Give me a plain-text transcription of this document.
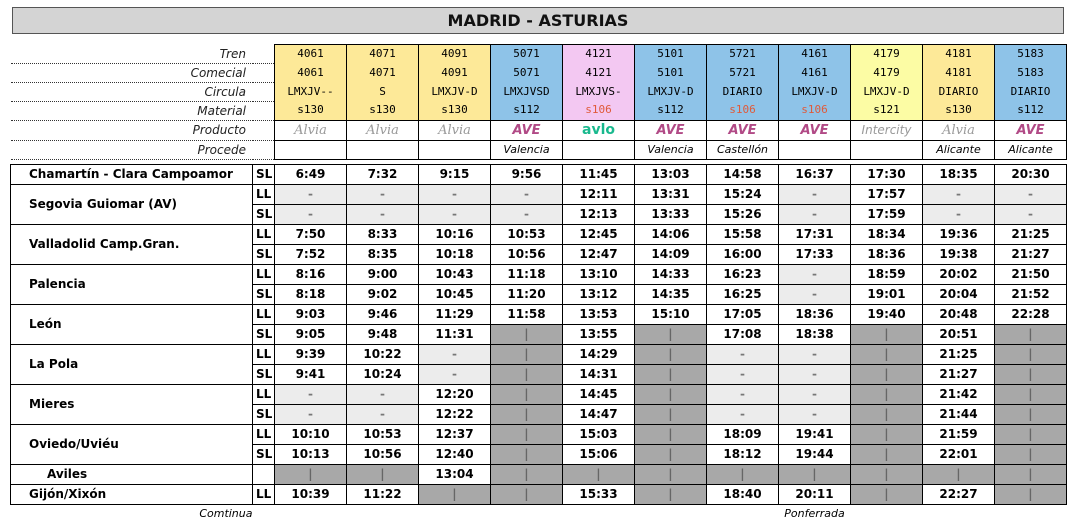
MADRID - ASTURIAS
Tren		4061	4071	4091	5071	4121	5101	5721	4161	4179	4181	5183
Comecial		4061	4071	4091	5071	4121	5101	5721	4161	4179	4181	5183
Circula		LMXJV--	S	LMXJV-D	LMXJVSD	LMXJVS-	LMXJV-D	DIARIO	LMXJV-D	LMXJV-D	DIARIO	DIARIO
Material		s130	s130	s130	s112	s106	s112	s106	s106	s121	s130	s112
Producto		Alvia	Alvia	Alvia	AVE	avlo	AVE	AVE	AVE	Intercity	Alvia	AVE
Procede					Valencia		Valencia	Castellón			Alicante	Alicante

Chamartín - Clara Campoamor	SL	6:49	7:32	9:15	9:56	11:45	13:03	14:58	16:37	17:30	18:35	20:30
Segovia Guiomar (AV)	LL	-	-	-	-	12:11	13:31	15:24	-	17:57	-	-
	SL	-	-	-	-	12:13	13:33	15:26	-	17:59	-	-
Valladolid Camp.Gran.	LL	7:50	8:33	10:16	10:53	12:45	14:06	15:58	17:31	18:34	19:36	21:25
	SL	7:52	8:35	10:18	10:56	12:47	14:09	16:00	17:33	18:36	19:38	21:27
Palencia	LL	8:16	9:00	10:43	11:18	13:10	14:33	16:23	-	18:59	20:02	21:50
	SL	8:18	9:02	10:45	11:20	13:12	14:35	16:25	-	19:01	20:04	21:52
León	LL	9:03	9:46	11:29	11:58	13:53	15:10	17:05	18:36	19:40	20:48	22:28
	SL	9:05	9:48	11:31	|	13:55	|	17:08	18:38	|	20:51	|
La Pola	LL	9:39	10:22	-	|	14:29	|	-	-	|	21:25	|
	SL	9:41	10:24	-	|	14:31	|	-	-	|	21:27	|
Mieres	LL	-	-	12:20	|	14:45	|	-	-	|	21:42	|
	SL	-	-	12:22	|	14:47	|	-	-	|	21:44	|
Oviedo/Uviéu	LL	10:10	10:53	12:37	|	15:03	|	18:09	19:41	|	21:59	|
	SL	10:13	10:56	12:40	|	15:06	|	18:12	19:44	|	22:01	|
Aviles		|	|	13:04	|	|	|	|	|	|	|	|
Gijón/Xixón	LL	10:39	11:22	|	|	15:33	|	18:40	20:11	|	22:27	|
Comtinua									Ponferrada			
